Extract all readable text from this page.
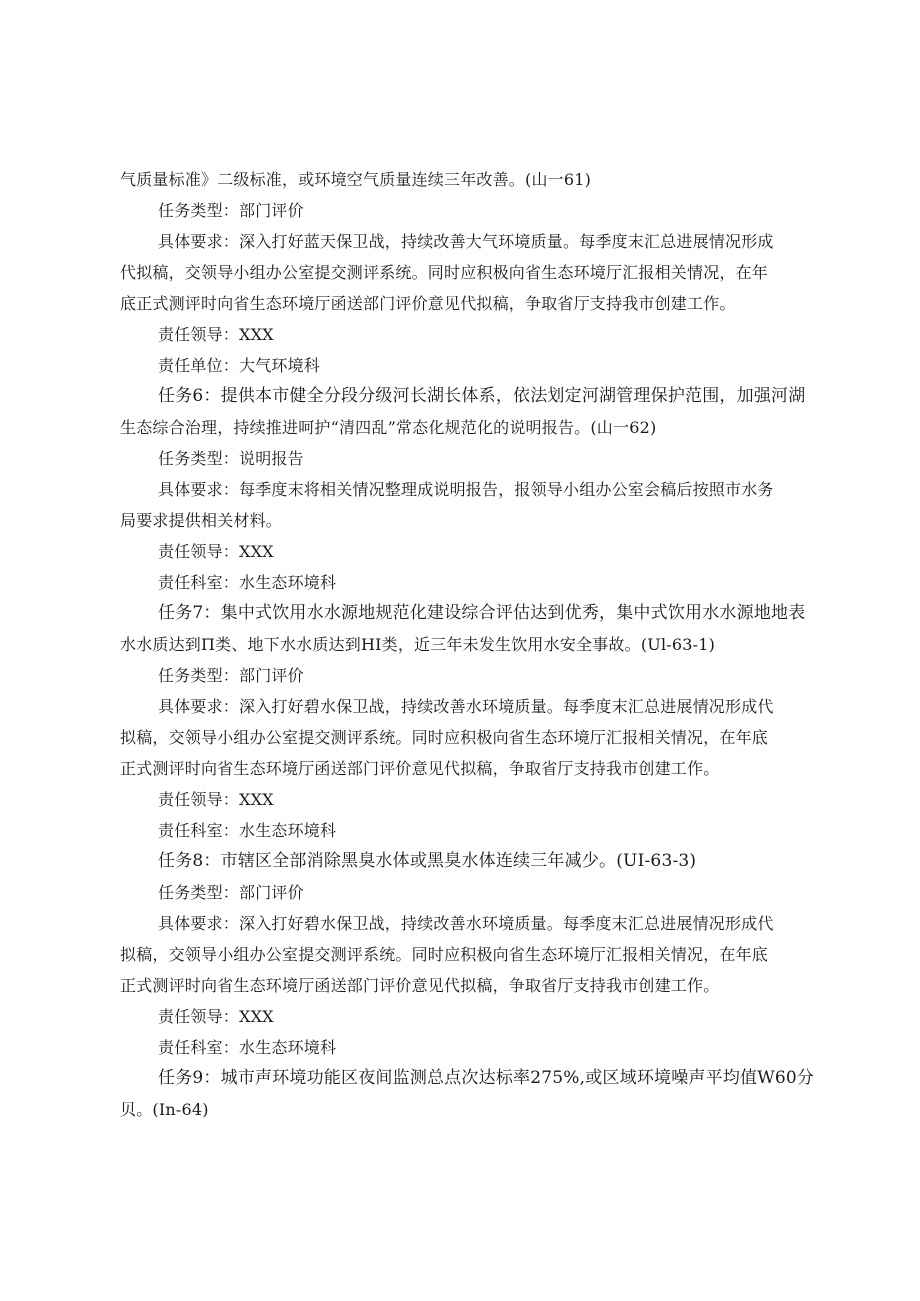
气质量标准》二级标准，或环境空气质量连续三年改善。(山一61)
任务类型：部门评价
具体要求：深入打好蓝天保卫战，持续改善大气环境质量。每季度末汇总进展情况形成
代拟稿，交领导小组办公室提交测评系统。同时应积极向省生态环境厅汇报相关情况，在年
底正式测评时向省生态环境厅函送部门评价意见代拟稿，争取省厅支持我市创建工作。
责任领导：XXX
责任单位：大气环境科
任务6：提供本市健全分段分级河长湖长体系，依法划定河湖管理保护范围，加强河湖
生态综合治理，持续推进呵护“清四乱”常态化规范化的说明报告。(山一62)
任务类型：说明报告
具体要求：每季度末将相关情况整理成说明报告，报领导小组办公室会稿后按照市水务
局要求提供相关材料。
责任领导：XXX
责任科室：水生态环境科
任务7：集中式饮用水水源地规范化建设综合评估达到优秀，集中式饮用水水源地地表
水水质达到Π类、地下水水质达到HI类，近三年未发生饮用水安全事故。(Ul-63-1)
任务类型：部门评价
具体要求：深入打好碧水保卫战，持续改善水环境质量。每季度末汇总进展情况形成代
拟稿，交领导小组办公室提交测评系统。同时应积极向省生态环境厅汇报相关情况，在年底
正式测评时向省生态环境厅函送部门评价意见代拟稿，争取省厅支持我市创建工作。
责任领导：XXX
责任科室：水生态环境科
任务8：市辖区全部消除黑臭水体或黑臭水体连续三年减少。(UI-63-3)
任务类型：部门评价
具体要求：深入打好碧水保卫战，持续改善水环境质量。每季度末汇总进展情况形成代
拟稿，交领导小组办公室提交测评系统。同时应积极向省生态环境厅汇报相关情况，在年底
正式测评时向省生态环境厅函送部门评价意见代拟稿，争取省厅支持我市创建工作。
责任领导：XXX
责任科室：水生态环境科
任务9：城市声环境功能区夜间监测总点次达标率275%,或区域环境噪声平均值W60分
贝。(In-64)
